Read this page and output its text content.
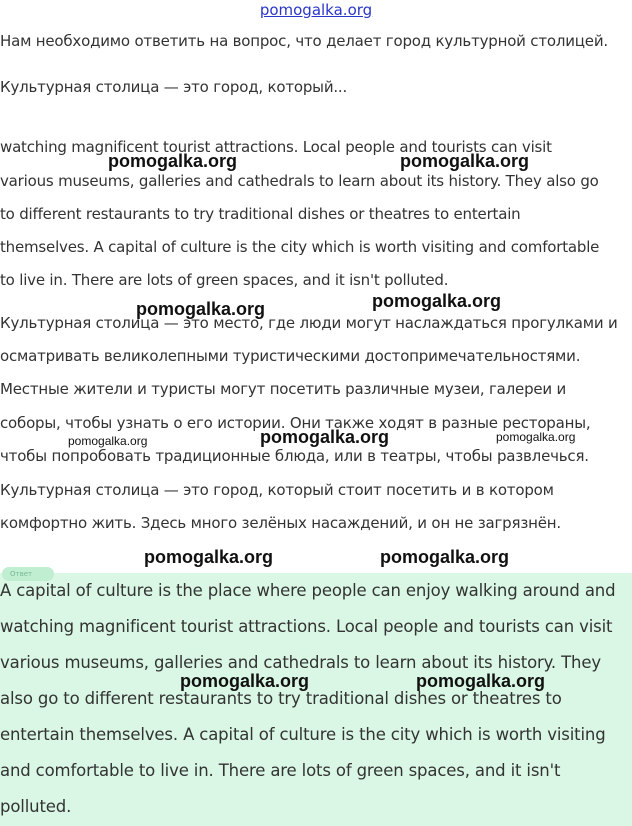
pomogalka.org
Нам необходимо ответить на вопрос, что делает город культурной столицей.
Культурная столица — это город, который...
watching magnificent tourist attractions. Local people and tourists can visit
various museums, galleries and cathedrals to learn about its history. They also go
to different restaurants to try traditional dishes or theatres to entertain
themselves. A capital of culture is the city which is worth visiting and comfortable
to live in. There are lots of green spaces, and it isn't polluted.
Культурная столица — это место, где люди могут наслаждаться прогулками и
осматривать великолепными туристическими достопримечательностями.
Местные жители и туристы могут посетить различные музеи, галереи и
соборы, чтобы узнать о его истории. Они также ходят в разные рестораны,
чтобы попробовать традиционные блюда, или в театры, чтобы развлечься.
Культурная столица — это город, который стоит посетить и в котором
комфортно жить. Здесь много зелёных насаждений, и он не загрязнён.
Ответ
A capital of culture is the place where people can enjoy walking around and
watching magnificent tourist attractions. Local people and tourists can visit
various museums, galleries and cathedrals to learn about its history. They
also go to different restaurants to try traditional dishes or theatres to
entertain themselves. A capital of culture is the city which is worth visiting
and comfortable to live in. There are lots of green spaces, and it isn't
polluted.
pomogalka.org	pomogalka.org
pomogalka.org	pomogalka.org
pomogalka.org	pomogalka.org	pomogalka.org
pomogalka.org	pomogalka.org
pomogalka.org	pomogalka.org
